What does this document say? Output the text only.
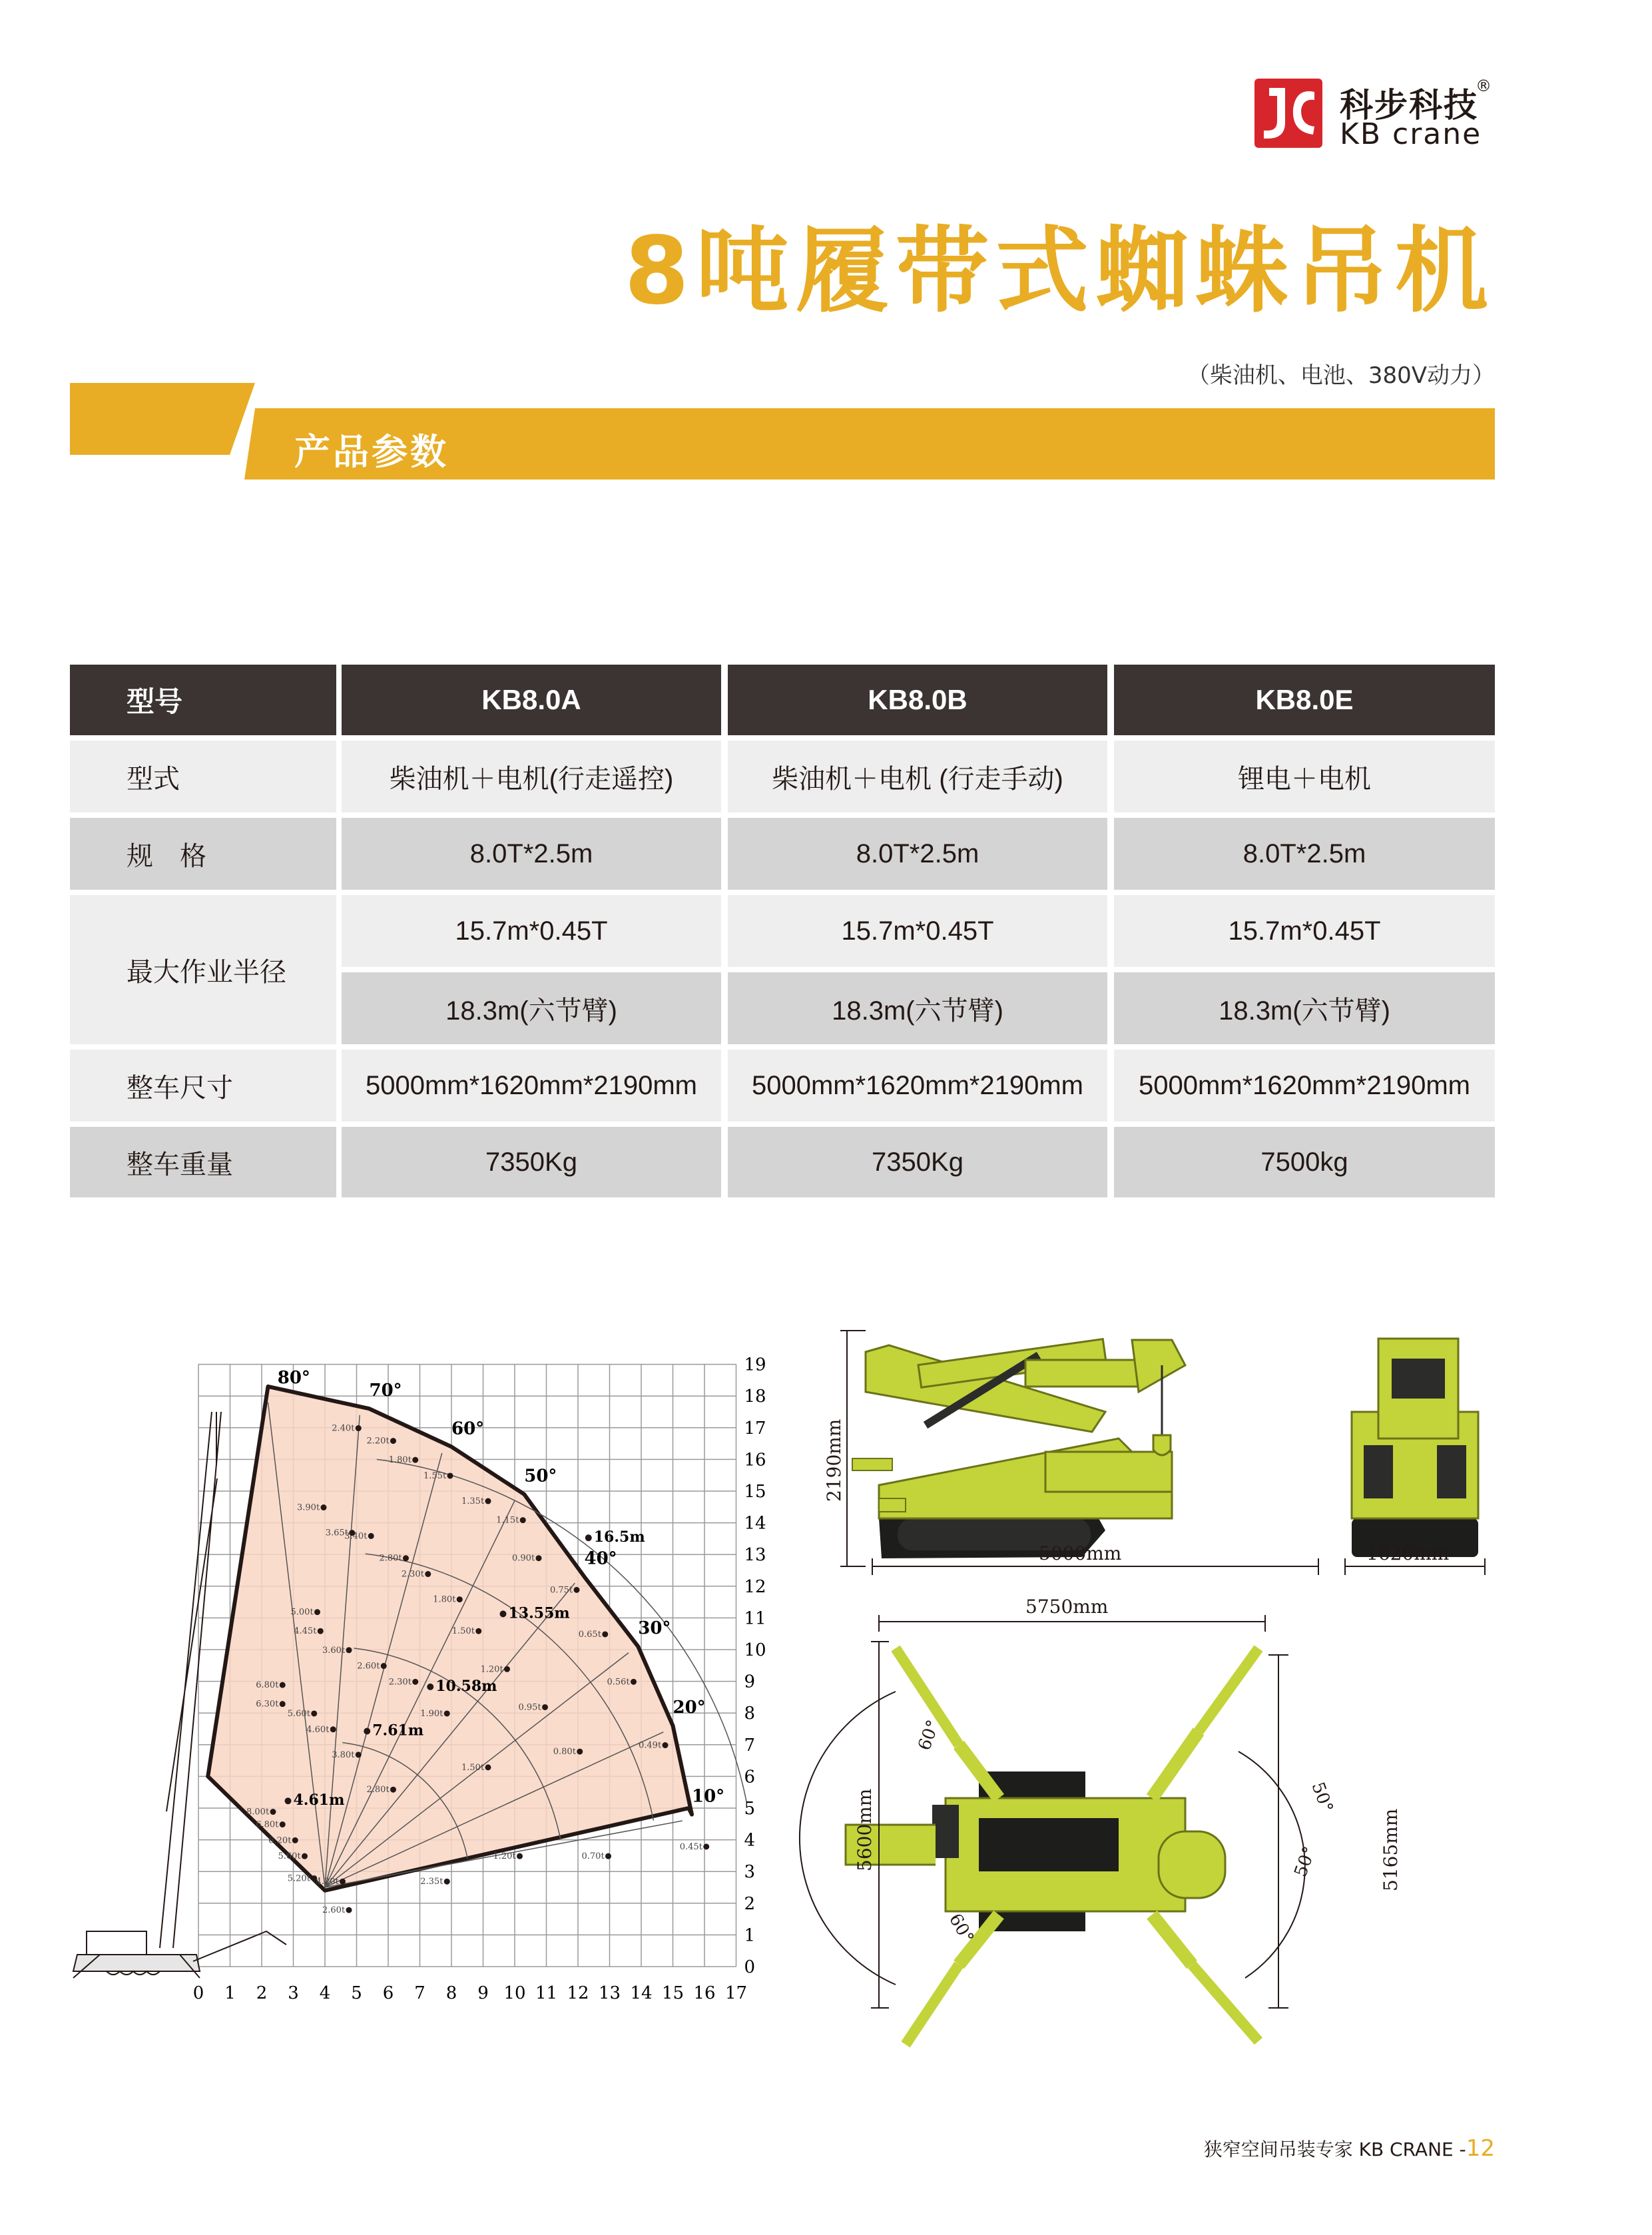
科步科技
®
KB crane
8吨履带式蜘蛛吊机
（柴油机、电池、380V动力）
产品参数
型号	KB8.0A	KB8.0B	KB8.0E
型式	柴油机＋电机(行走遥控)	柴油机＋电机 (行走手动)	锂电＋电机
规　格	8.0T*2.5m	8.0T*2.5m	8.0T*2.5m
最大作业半径
15.7m*0.45T	15.7m*0.45T	15.7m*0.45T
18.3m(六节臂)	18.3m(六节臂)	18.3m(六节臂)
整车尺寸	5000mm*1620mm*2190mm	5000mm*1620mm*2190mm	5000mm*1620mm*2190mm
整车重量	7350Kg	7350Kg	7500kg
80°
70°
60°
50°
40°
30°
20°
10°
16.5m
13.55m
10.58m
7.61m
4.61m
2.40t
2.20t
1.80t
1.55t
1.35t
1.15t
3.90t
3.65t
3.40t
2.80t
2.30t
1.80t
0.90t
0.75t
1.50t	0.65t
5.00t
4.45t
3.60t
2.60t
2.30t
1.20t
0.56t
6.80t
6.30t
5.60t
4.60t
1.90t
0.95t
0.49t
3.80t
1.50t
2.80t
0.80t
8.00t
6.80t
6.20t
5.60t
5.20t 4.20t
2.60t
2.35t
1.20t	0.70t
0.45t
0 1 2 3 4 5 6 7 8 9 10 11 12 13 14 15 16 17
0
1
2
3
4
5
6
7
8
9
10
11
12
13
14
15
16
17
18
19
2190mm
5000mm	1620mm
5750mm
5600mm	5165mm
60°
60°
50°
50°
狭窄空间吊装专家 KB CRANE -12
